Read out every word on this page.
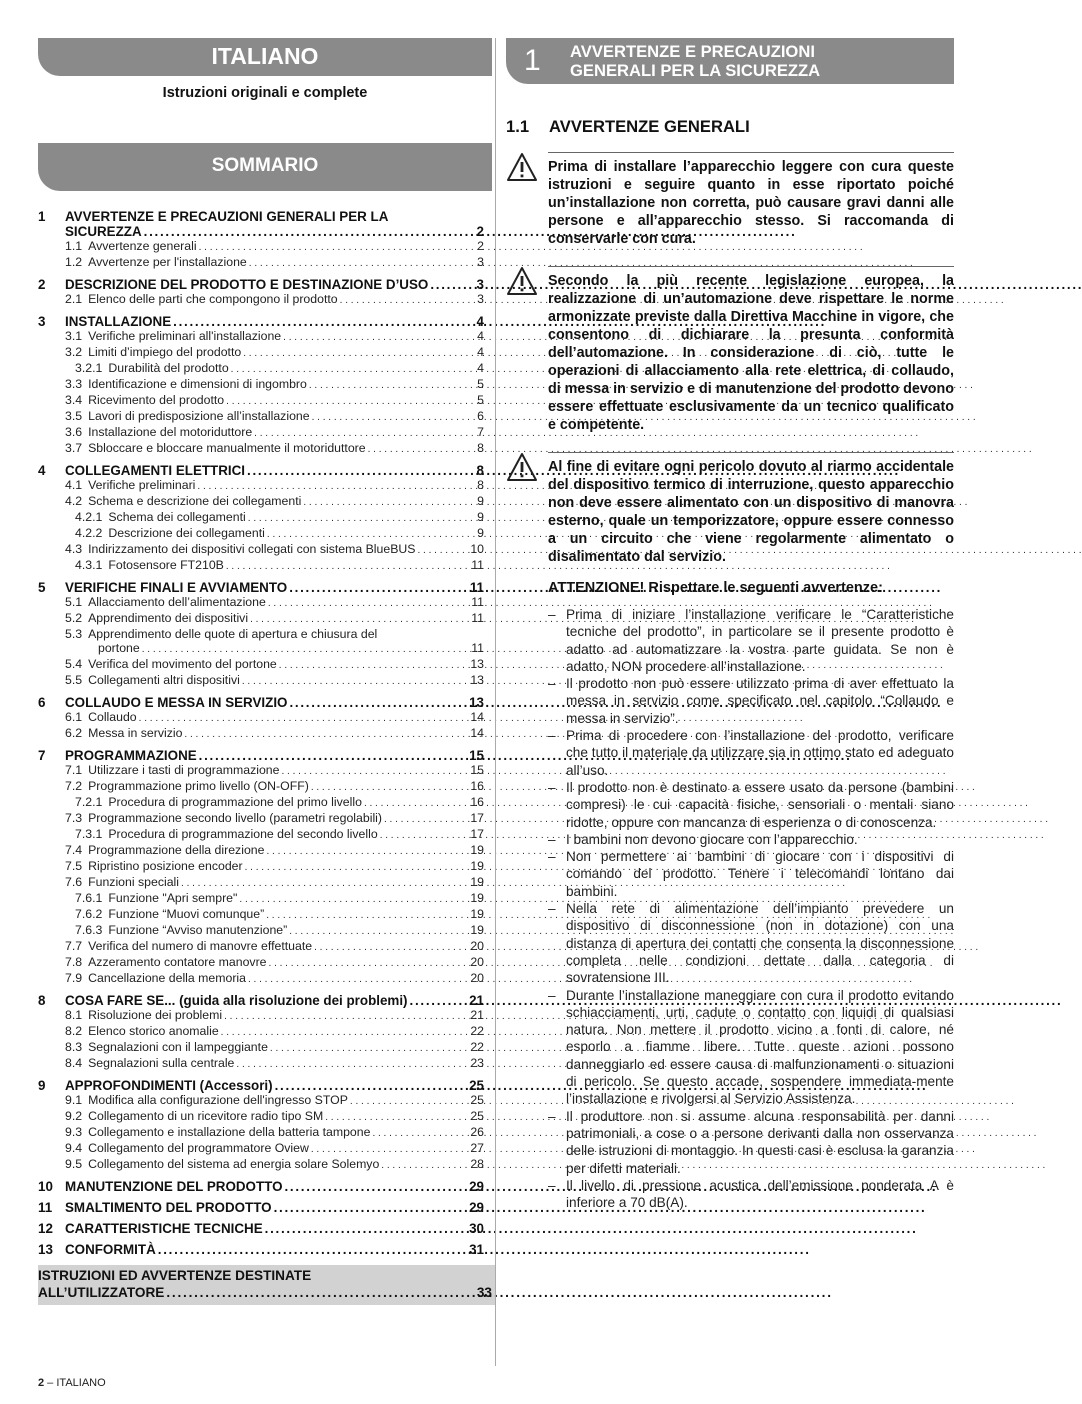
ITALIANO
Istruzioni originali e complete
SOMMARIO
1	AVVERTENZE E PRECAUZIONI GENERALI PER LA
SICUREZZA . . .	2
1.1 Avvertenze generali . . .	2
1.2 Avvertenze per l'installazione . . .	3
2	DESCRIZIONE DEL PRODOTTO E DESTINAZIONE D’USO . . .	3
2.1 Elenco delle parti che compongono il prodotto . . .	3
3	INSTALLAZIONE . . .	4
3.1 Verifiche preliminari all'installazione . . .	4
3.2 Limiti d’impiego del prodotto . . .	4
3.2.1 Durabilità del prodotto . . .	4
3.3 Identificazione e dimensioni di ingombro . . .	5
3.4 Ricevimento del prodotto . . .	5
3.5 Lavori di predisposizione all’installazione . . .	6
3.6 Installazione del motoriduttore . . .	7
3.7 Sbloccare e bloccare manualmente il motoriduttore . . .	8
4	COLLEGAMENTI ELETTRICI . . .	8
4.1 Verifiche preliminari . . .	8
4.2 Schema e descrizione dei collegamenti . . .	9
4.2.1 Schema dei collegamenti . . .	9
4.2.2 Descrizione dei collegamenti . . .	9
4.3 Indirizzamento dei dispositivi collegati con sistema BlueBUS . . .	10
4.3.1 Fotosensore FT210B . . .	11
5	VERIFICHE FINALI E AVVIAMENTO . . .	11
5.1 Allacciamento dell’alimentazione . . .	11
5.2 Apprendimento dei dispositivi . . .	11
5.3 Apprendimento delle quote di apertura e chiusura del
portone . . .	11
5.4 Verifica del movimento del portone . . .	13
5.5 Collegamenti altri dispositivi . . .	13
6	COLLAUDO E MESSA IN SERVIZIO . . .	13
6.1 Collaudo . . .	14
6.2 Messa in servizio . . .	14
7	PROGRAMMAZIONE . . .	15
7.1 Utilizzare i tasti di programmazione . . .	15
7.2 Programmazione primo livello (ON-OFF) . . .	16
7.2.1 Procedura di programmazione del primo livello . . .	16
7.3 Programmazione secondo livello (parametri regolabili) . . .	17
7.3.1 Procedura di programmazione del secondo livello . . .	17
7.4 Programmazione della direzione . . .	19
7.5 Ripristino posizione encoder . . .	19
7.6 Funzioni speciali . . .	19
7.6.1 Funzione "Apri sempre" . . .	19
7.6.2 Funzione “Muovi comunque” . . .	19
7.6.3 Funzione “Avviso manutenzione” . . .	19
7.7 Verifica del numero di manovre effettuate . . .	20
7.8 Azzeramento contatore manovre . . .	20
7.9 Cancellazione della memoria . . .	20
8	COSA FARE SE... (guida alla risoluzione dei problemi) . . .	21
8.1 Risoluzione dei problemi . . .	21
8.2 Elenco storico anomalie . . .	22
8.3 Segnalazioni con il lampeggiante . . .	22
8.4 Segnalazioni sulla centrale . . .	23
9	APPROFONDIMENTI (Accessori) . . .	25
9.1 Modifica alla configurazione dell'ingresso STOP . . .	25
9.2 Collegamento di un ricevitore radio tipo SM . . .	25
9.3 Collegamento e installazione della batteria tampone . . .	26
9.4 Collegamento del programmatore Oview . . .	27
9.5 Collegamento del sistema ad energia solare Solemyo . . .	28
10 MANUTENZIONE DEL PRODOTTO . . .	29
11 SMALTIMENTO DEL PRODOTTO . . .	29
12 CARATTERISTICHE TECNICHE . . .	30
13 CONFORMITÀ . . .	31
ISTRUZIONI ED AVVERTENZE DESTINATE
ALL’UTILIZZATORE . . .	33
1 AVVERTENZE E PRECAUZIONI
GENERALI PER LA SICUREZZA
1.1 AVVERTENZE GENERALI
Prima di installare l’apparecchio leggere con cura queste istruzioni e seguire quanto in esse riportato poiché un’installazione non corretta, può causare gravi danni alle persone e all’apparecchio stesso. Si raccomanda di conservarle con cura.
Secondo la più recente legislazione europea, la realizzazione di un’automazione deve rispettare le norme armonizzate previste dalla Direttiva Macchine in vigore, che consentono di dichiarare la presunta conformità dell’automazione. In considerazione di ciò, tutte le operazioni di allacciamento alla rete elettrica, di collaudo, di messa in servizio e di manutenzione del prodotto devono essere effettuate esclusivamente da un tecnico qualificato e competente.
Al fine di evitare ogni pericolo dovuto al riarmo accidentale del dispositivo termico di interruzione, questo apparecchio non deve essere alimentato con un dispositivo di manovra esterno, quale un temporizzatore, oppure essere connesso a un circuito che viene regolarmente alimentato o disalimentato dal servizio.
ATTENZIONE! Rispettare le seguenti avvertenze:
– Prima di iniziare l’installazione verificare le “Caratteristiche tecniche del prodotto”, in particolare se il presente prodotto è adatto ad automatizzare la vostra parte guidata. Se non è adatto, NON procedere all’installazione.
– Il prodotto non può essere utilizzato prima di aver effettuato la messa in servizio come specificato nel capitolo “Collaudo e messa in servizio”.
– Prima di procedere con l’installazione del prodotto, verificare che tutto il materiale da utilizzare sia in ottimo stato ed adeguato all’uso.
– Il prodotto non è destinato a essere usato da persone (bambini compresi) le cui capacità fisiche, sensoriali o mentali siano ridotte, oppure con mancanza di esperienza o di conoscenza.
– I bambini non devono giocare con l’apparecchio.
– Non permettere ai bambini di giocare con i dispositivi di comando del prodotto. Tenere i telecomandi lontano dai bambini.
– Nella rete di alimentazione dell’impianto prevedere un dispositivo di disconnessione (non in dotazione) con una distanza di apertura dei contatti che consenta la disconnessione completa nelle condizioni dettate dalla categoria di sovratensione III.
– Durante l’installazione maneggiare con cura il prodotto evitando schiacciamenti, urti, cadute o contatto con liquidi di qualsiasi natura. Non mettere il prodotto vicino a fonti di calore, né esporlo a fiamme libere. Tutte queste azioni possono danneggiarlo ed essere causa di malfunzionamenti o situazioni di pericolo. Se questo accade, sospendere immediata-mente l’installazione e rivolgersi al Servizio Assistenza.
– Il produttore non si assume alcuna responsabilità per danni patrimoniali, a cose o a persone derivanti dalla non osservanza delle istruzioni di montaggio. In questi casi è esclusa la garanzia per difetti materiali.
– Il livello di pressione acustica dell’emissione ponderata A è inferiore a 70 dB(A).
2 – ITALIANO
